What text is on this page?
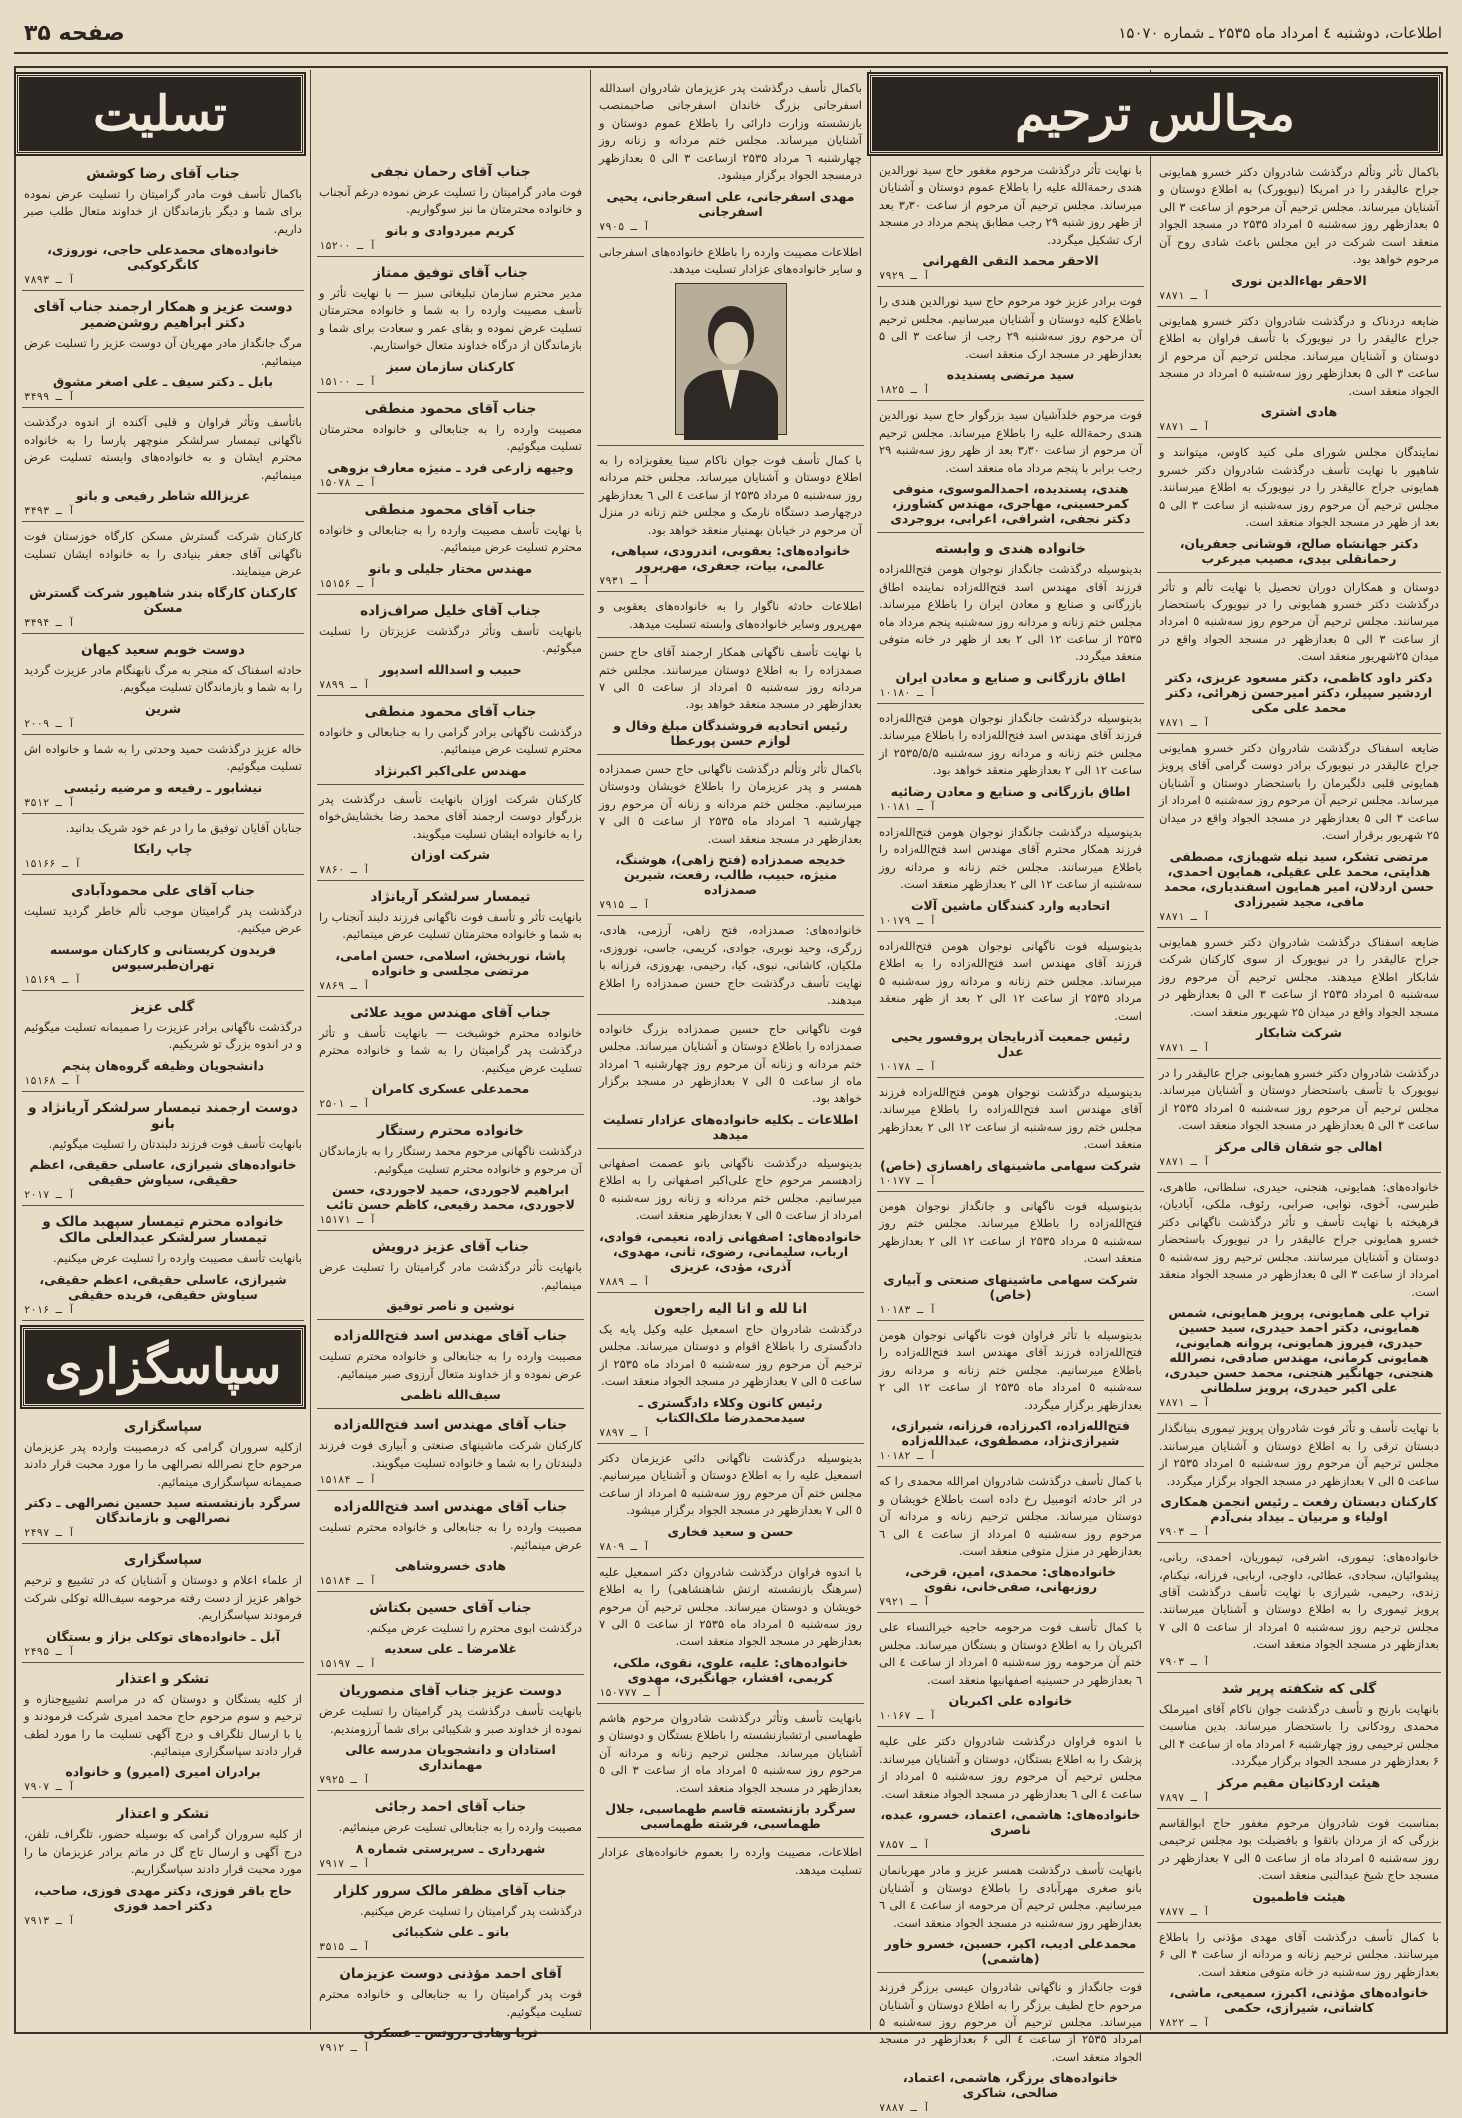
اطلاعات، دوشنبه ٤ امرداد ماه ۲۵۳۵ ـ شماره ۱۵۰۷۰
صفحه ۳۵
مجالس ترحیم
باکمال تأثر وتألم درگذشت شادروان دکتر خسرو همایونی جراح عالیقدر را در امریکا (نیویورک) به اطلاع دوستان و آشنایان میرساند. مجلس ترحیم آن مرحوم از ساعت ۳ الی ۵ بعدازظهر روز سه‌شنبه ٥ امرداد ۲۵۳۵ در مسجد الجواد منعقد است شرکت در این مجلس باعث شادی روح آن مرحوم خواهد بود.
الاحقر بهاءالدین نوری
آ ـ ۷۸۷۱
ضایعه دردناک و درگذشت شادروان دکتر خسرو همایونی جراح عالیقدر را در نیویورک با تأسف فراوان به اطلاع دوستان و آشنایان میرساند. مجلس ترحیم آن مرحوم از ساعت ۳ الی ۵ بعدازظهر روز سه‌شنبه ٥ امرداد در مسجد الجواد منعقد است.
هادی اشتری
آ ـ ۷۸۷۱
نمایندگان مجلس شورای ملی کنید کاوس، میتوانند و شاهپور با نهایت تأسف درگذشت شادروان دکتر خسرو همایونی جراح عالیقدر را در نیویورک به اطلاع میرسانند. مجلس ترحیم آن مرحوم روز سه‌شنبه از ساعت ۳ الی ۵ بعد از ظهر در مسجد الجواد منعقد است.
دکتر جهانشاه صالح، فوشانی جعفریان، رحمانقلی بیدی، مصیب میرعرب
دوستان و همکاران دوران تحصیل با نهایت تألم و تأثر درگذشت دکتر خسرو همایونی را در نیویورک باستحضار میرسانند. مجلس ترحیم آن مرحوم روز سه‌شنبه ٥ امرداد از ساعت ۳ الی ۵ بعدازظهر در مسجد الجواد واقع در میدان ۲۵شهریور منعقد است.
دکتر داود کاظمی، دکتر مسعود عزیزی، دکتر اردشیر سپیلر، دکتر امیرحسن زهرائی، دکتر محمد علی مکی
آ ـ ۷۸۷۱
ضایعه اسفناک درگذشت شادروان دکتر خسرو همایونی جراح عالیقدر در نیویورک برادر دوست گرامی آقای پرویز همایونی قلبی دلگیرمان را باستحضار دوستان و آشنایان میرساند. مجلس ترحیم آن مرحوم روز سه‌شنبه ٥ امرداد از ساعت ۳ الی ۵ بعدازظهر در مسجد الجواد واقع در میدان ۲۵ شهریور برقرار است.
مرتضی تشکر، سید نیله شهبازی، مصطفی هدایتی، محمد علی عقیلی، همایون احمدی، حسن اردلان، امیر همایون اسفندیاری، محمد مافی، مجید شیرزادی
آ ـ ۷۸۷۱
ضایعه اسفناک درگذشت شادروان دکتر خسرو همایونی جراح عالیقدر را در نیویورک از سوی کارکنان شرکت شابکار اطلاع میدهند. مجلس ترحیم آن مرحوم روز سه‌شنبه ٥ امرداد ۲۵۳۵ از ساعت ۳ الی ۵ بعدازظهر در مسجد الجواد واقع در میدان ۲۵ شهریور منعقد است.
شرکت شابکار
آ ـ ۷۸۷۱
درگذشت شادروان دکتر خسرو همایونی جراح عالیقدر را در نیویورک با تأسف باستحضار دوستان و آشنایان میرساند. مجلس ترحیم آن مرحوم روز سه‌شنبه ٥ امرداد ۲۵۳۵ از ساعت ۳ الی ۵ بعدازظهر در مسجد الجواد منعقد است.
اهالی جو شقان قالی مرکز
آ ـ ۷۸۷۱
خانواده‌های: همایونی، هنجنی، حیدری، سلطانی، طاهری، طبرسی، آخوی، نوابی، صرابی، رئوف، ملکی، آبادیان، فرهیخته با نهایت تأسف و تأثر درگذشت ناگهانی دکتر خسرو همایونی جراح عالیقدر را در نیویورک باستحضار دوستان و آشنایان میرسانند. مجلس ترحیم روز سه‌شنبه ٥ امرداد از ساعت ۳ الی ۵ بعدازظهر در مسجد الجواد منعقد است.
تراپ علی همایونی، پرویز همایونی، شمس همایونی، دکتر احمد حیدری، سید حسین حیدری، فیروز همایونی، پروانه همایونی، همایونی کرمانی، مهندس صادقی، نصرالله هنجنی، جهانگیر هنجنی، محمد حسن حیدری، علی اکبر حیدری، پرویز سلطانی
آ ـ ۷۸۷۱
با نهایت تأسف و تأثر فوت شادروان پرویز تیموری بنیانگذار دبستان ترقی را به اطلاع دوستان و آشنایان میرسانند. مجلس ترحیم آن مرحوم روز سه‌شنبه ٥ امرداد ۲۵۳۵ از ساعت ۵ الی ۷ بعدازظهر در مسجد الجواد برگزار میگردد.
کارکنان دبستان رفعت ـ رئیس انجمن همکاری اولیاء و مربیان ـ بیداد بنی‌آدم
آ ـ ۷۹۰۳
خانواده‌های: تیموری، اشرفی، تیموریان، احمدی، ربانی، پیشوائیان، سجادی، عطائی، داوجی، اربابی، فرزانه، نیکنام، زندی، رحیمی، شیرازی با نهایت تأسف درگذشت آقای پرویز تیموری را به اطلاع دوستان و آشنایان میرسانند. مجلس ترحیم روز سه‌شنبه ٥ امرداد از ساعت ۵ الی ۷ بعدازظهر در مسجد الجواد منعقد است.
آ ـ ۷۹۰۳
گلی که شکفته پرپر شد
بانهایت بارنج و تأسف درگذشت جوان ناکام آقای امیرملک محمدی رودکانی را باستحضار میرساند. بدین مناسبت مجلس ترحیمی روز چهارشنبه ۶ امرداد ماه از ساعت ۴ الی ۶ بعدازظهر در مسجد الجواد برگزار میگردد.
هیئت اردکانیان مقیم مرکز
آ ـ ۷۸۹۷
بمناسبت فوت شادروان مرحوم مغفور حاج ابوالقاسم بزرگی که از مردان باتقوا و بافضیلت بود مجلس ترحیمی روز سه‌شنبه ٥ امرداد ماه از ساعت ۵ الی ۷ بعدازظهر در مسجد حاج شیخ عبدالنبی منعقد است.
هیئت فاطمیون
آ ـ ۷۸۷۷
با کمال تأسف درگذشت آقای مهدی مؤذنی را باطلاع میرسانند. مجلس ترحیم زنانه و مردانه از ساعت ۴ الی ۶ بعدازظهر روز سه‌شنبه در خانه متوفی منعقد است.
خانواده‌های مؤذنی، اکبرز، سمیعی، ماشی، کاشانی، شیرازی، حکمی
آ ـ ۷۸۲۲
با نهایت تأثر درگذشت مرحوم مغفور حاج سید نورالدین هندی رحمةالله علیه را باطلاع عموم دوستان و آشنایان میرساند. مجلس ترحیم آن مرحوم از ساعت ۳٫۳۰ بعد از ظهر روز شنبه ۲۹ رجب مطابق پنجم مرداد در مسجد ارک تشکیل میگردد.
الاحقر محمد التقی القهرانی
آ ـ ۷۹۲۹
فوت برادر عزیز خود مرحوم حاج سید نورالدین هندی را باطلاع کلیه دوستان و آشنایان میرسانیم. مجلس ترحیم آن مرحوم روز سه‌شنبه ۲۹ رجب از ساعت ۳ الی ۵ بعدازظهر در مسجد ارک منعقد است.
سید مرتضی پسندیده
آ ـ ۱۸۲۵
فوت مرحوم خلدآشیان سید بزرگوار حاج سید نورالدین هندی رحمةالله علیه را باطلاع میرساند. مجلس ترحیم آن مرحوم از ساعت ۳٫۳۰ بعد از ظهر روز سه‌شنبه ۲۹ رجب برابر با پنجم مرداد ماه منعقد است.
هندی، پسندیده، احمدالموسوی، منوفی کمرحسینی، مهاجری، مهندس کشاورز، دکتر نجفی، اشرافی، اعرابی، بروجردی
خانواده هندی و وابسته
بدینوسیله درگذشت جانگداز نوجوان هومن فتح‌الله‌زاده فرزند آقای مهندس اسد فتح‌الله‌زاده نماینده اطاق بازرگانی و صنایع و معادن ایران را باطلاع میرساند. مجلس ختم زنانه و مردانه روز سه‌شنبه پنجم مرداد ماه ۲۵۳۵ از ساعت ۱۲ الی ۲ بعد از ظهر در خانه متوفی منعقد میگردد.
اطاق بازرگانی و صنایع و معادن ایران
آ ـ ۱۰۱۸۰
بدینوسیله درگذشت جانگداز نوجوان هومن فتح‌الله‌زاده فرزند آقای مهندس اسد فتح‌الله‌زاده را باطلاع میرساند. مجلس ختم زنانه و مردانه روز سه‌شنبه ۲۵۳۵/۵/۵ از ساعت ۱۲ الی ۲ بعدازظهر منعقد خواهد بود.
اطاق بازرگانی و صنایع و معادن رضائیه
آ ـ ۱۰۱۸۱
بدینوسیله درگذشت جانگداز نوجوان هومن فتح‌الله‌زاده فرزند همکار محترم آقای مهندس اسد فتح‌الله‌زاده را باطلاع میرسانند. مجلس ختم زنانه و مردانه روز سه‌شنبه از ساعت ۱۲ الی ۲ بعدازظهر منعقد است.
اتحادیه وارد کنندگان ماشین آلات
آ ـ ۱۰۱۷۹
بدینوسیله فوت ناگهانی نوجوان هومن فتح‌الله‌زاده فرزند آقای مهندس اسد فتح‌الله‌زاده را به اطلاع میرساند. مجلس ختم زنانه و مردانه روز سه‌شنبه ۵ مرداد ۲۵۳۵ از ساعت ۱۲ الی ۲ بعد از ظهر منعقد است.
رئیس جمعیت آذربایجان پروفسور یحیی عدل
آ ـ ۱۰۱۷۸
بدینوسیله درگذشت نوجوان هومن فتح‌الله‌زاده فرزند آقای مهندس اسد فتح‌الله‌زاده را باطلاع میرساند. مجلس ختم روز سه‌شنبه از ساعت ۱۲ الی ۲ بعدازظهر منعقد است.
شرکت سهامی ماشینهای راهسازی (خاص)
آ ـ ۱۰۱۷۷
بدینوسیله فوت ناگهانی و جانگداز نوجوان هومن فتح‌الله‌زاده را باطلاع میرساند. مجلس ختم روز سه‌شنبه ۵ مرداد ۲۵۳۵ از ساعت ۱۲ الی ۲ بعدازظهر منعقد است.
شرکت سهامی ماشینهای صنعتی و آبیاری (خاص)
آ ـ ۱۰۱۸۳
بدینوسیله با تأثر فراوان فوت ناگهانی نوجوان هومن فتح‌الله‌زاده فرزند آقای مهندس اسد فتح‌الله‌زاده را باطلاع میرسانیم. مجلس ختم زنانه و مردانه روز سه‌شنبه ٥ امرداد ماه ۲۵۳۵ از ساعت ۱۲ الی ۲ بعدازظهر برگزار میگردد.
فتح‌الله‌زاده، اکبرزاده، فرزانه، شیرازی، شیرازی‌نژاد، مصطفوی، عبدالله‌زاده
آ ـ ۱۰۱۸۲
با کمال تأسف درگذشت شادروان امرالله محمدی را که در اثر حادثه اتومبیل رخ داده است باطلاع خویشان و دوستان میرساند. مجلس ترحیم زنانه و مردانه آن مرحوم روز سه‌شنبه ٥ امرداد از ساعت ٤ الی ٦ بعدازظهر در منزل متوفی منعقد است.
خانواده‌های: محمدی، امین، قرخی، روزبهانی، صفی‌خانی، نقوی
آ ـ ۷۹۲۱
با کمال تأسف فوت مرحومه حاجیه خیرالنساء علی اکبریان را به اطلاع دوستان و بستگان میرساند. مجلس ختم آن مرحومه روز سه‌شنبه ٥ امرداد از ساعت ٤ الی ٦ بعدازظهر در حسینیه اصفهانیها منعقد است.
خانواده علی اکبریان
آ ـ ۱۰۱۶۷
با اندوه فراوان درگذشت شادروان دکتر علی علیه پزشک را به اطلاع بستگان، دوستان و آشنایان میرساند. مجلس ترحیم آن مرحوم روز سه‌شنبه ٥ امرداد از ساعت ٤ الی ٦ بعدازظهر در مسجد الجواد منعقد است.
خانواده‌های: هاشمی، اعتماد، خسرو، عبده، ناصری
آ ـ ۷۸۵۷
بانهایت تأسف درگذشت همسر عزیز و مادر مهربانمان بانو صغری مهرآبادی را باطلاع دوستان و آشنایان میرسانیم. مجلس ترحیم آن مرحومه از ساعت ٤ الی ٦ بعدازظهر روز سه‌شنبه در مسجد الجواد منعقد است.
محمدعلی ادیب، اکبر، حسین، خسرو خاور (هاشمی)
فوت جانگداز و ناگهانی شادروان عیسی برزگر فرزند مرحوم حاج لطیف برزگر را به اطلاع دوستان و آشنایان میرساند. مجلس ترحیم آن مرحوم روز سه‌شنبه ۵ امرداد ۲۵۳۵ از ساعت ٤ الی ۶ بعدازظهر در مسجد الجواد منعقد است.
خانواده‌های برزگر، هاشمی، اعتماد، صالحی، شاکری
آ ـ ۷۸۸۷
باکمال تأسف درگذشت پدر عزیزمان شادروان اسدالله اسفرجانی بزرگ خاندان اسفرجانی صاحبمنصب بازنشسته وزارت دارائی را باطلاع عموم دوستان و آشنایان میرساند. مجلس ختم مردانه و زنانه روز چهارشنبه ٦ مرداد ۲۵۳۵ ازساعت ۳ الی ٥ بعدازظهر درمسجد الجواد برگزار میشود.
مهدی اسفرجانی، علی اسفرجانی، یحیی اسفرجانی
آ ـ ۷۹۰۵
اطلاعات مصیبت وارده را باطلاع خانواده‌های اسفرجانی و سایر خانواده‌های عزادار تسلیت میدهد.
با کمال تأسف فوت جوان ناکام سینا یعقوبزاده را به اطلاع دوستان و آشنایان میرساند. مجلس ختم مردانه روز سه‌شنبه ٥ مرداد ۲۵۳۵ از ساعت ٤ الی ٦ بعدازظهر درچهارصد دستگاه نارمک و مجلس ختم زنانه در منزل آن مرحوم در خیابان بهمنیار منعقد خواهد بود.
خانواده‌های: یعقوبی، اندرودی، سپاهی، عالمی، بیات، جعفری، مهرپرور
آ ـ ۷۹۳۱
اطلاعات حادثه ناگوار را به خانواده‌های یعقوبی و مهرپرور وسایر خانواده‌های وابسته تسلیت میدهد.
با نهایت تأسف ناگهانی همکار ارجمند آقای حاج حسن صمدزاده را به اطلاع دوستان میرسانند. مجلس ختم مردانه روز سه‌شنبه ٥ امرداد از ساعت ٥ الی ۷ بعدازظهر در مسجد منعقد خواهد بود.
رئیس اتحادیه فروشندگان مبلغ وقال و لوازم حسن پورعطا
باکمال تأثر وتألم درگذشت ناگهانی حاج حسن صمدزاده همسر و پدر عزیزمان را باطلاع خویشان ودوستان میرسانیم. مجلس ختم مردانه و زنانه آن مرحوم روز چهارشنبه ٦ امرداد ماه ۲۵۳۵ از ساعت ٥ الی ۷ بعدازظهر در مسجد منعقد است.
خدیجه صمدزاده (فتح زاهی)، هوشنگ، منیژه، حبیب، طالب، رفعت، شیرین صمدزاده
آ ـ ۷۹۱۵
خانواده‌های: صمدزاده، فتح زاهی، آرزمی، هادی، زرگری، وحید نوبری، جوادی، کریمی، جاسی، نوروزی، ملکیان، کاشانی، نبوی، کیا، رحیمی، بهروزی، فرزانه با نهایت تأسف درگذشت حاج حسن صمدزاده را اطلاع میدهند.
فوت ناگهانی حاج حسین صمدزاده بزرگ خانواده صمدزاده را باطلاع دوستان و آشنایان میرساند. مجلس ختم مردانه و زنانه آن مرحوم روز چهارشنبه ٦ امرداد ماه از ساعت ٥ الی ۷ بعدازظهر در مسجد برگزار خواهد بود.
اطلاعات ـ بکلیه خانواده‌های عزادار تسلیت میدهد
بدینوسیله درگذشت ناگهانی بانو عصمت اصفهانی زادهسمر مرحوم حاج علی‌اکبر اصفهانی را به اطلاع میرسانیم. مجلس ختم مردانه و زنانه روز سه‌شنبه ٥ امرداد از ساعت ٥ الی ۷ بعدازظهر منعقد است.
خانواده‌های: اصفهانی زاده، نعیمی، فوادی، ارباب، سلیمانی، رضوی، ثانی، مهدوی، آذری، مؤدی، عزیزی
آ ـ ۷۸۸۹
انا لله و انا الیه راجعون
درگذشت شادروان حاج اسمعیل علیه وکیل پایه یک دادگستری را باطلاع اقوام و دوستان میرساند. مجلس ترحیم آن مرحوم روز سه‌شنبه ٥ امرداد ماه ۲۵۳۵ از ساعت ٥ الی ۷ بعدازظهر در مسجد الجواد منعقد است.
رئیس کانون وکلاء دادگستری ـ سیدمحمدرضا ملک‌الکتاب
آ ـ ۷۸۹۷
بدینوسیله درگذشت ناگهانی دائی عزیزمان دکتر اسمعیل علیه را به اطلاع دوستان و آشنایان میرسانیم. مجلس ختم آن مرحوم روز سه‌شنبه ۵ امرداد از ساعت ٥ الی ۷ بعدازظهر در مسجد الجواد برگزار میشود.
حسن و سعید فخاری
آ ـ ۷۸۰۹
با اندوه فراوان درگذشت شادروان دکتر اسمعیل علیه (سرهنگ بازنشسته ارتش شاهنشاهی) را به اطلاع خویشان و دوستان میرساند. مجلس ترحیم آن مرحوم روز سه‌شنبه ٥ امرداد ماه ۲۵۳۵ از ساعت ٥ الی ۷ بعدازظهر در مسجد الجواد منعقد است.
خانواده‌های: علیه، علوی، نقوی، ملکی، کریمی، افشار، جهانگیری، مهدوی
آ ـ ۱۵۰۷۷۷
بانهایت تأسف وتأثر درگذشت شادروان مرحوم هاشم طهماسبی ارتشبازنشسته را باطلاع بستگان و دوستان و آشنایان میرساند. مجلس ترحیم زنانه و مردانه آن مرحوم روز سه‌شنبه ٥ امرداد ماه از ساعت ۳ الی ٥ بعدازظهر در مسجد الجواد منعقد است.
سرگرد بازنشسته قاسم طهماسبی، جلال طهماسبی، فرشته طهماسبی
اطلاعات، مصیبت وارده را بعموم خانواده‌های عزادار تسلیت میدهد.
جناب آقای رحمان نجفی
فوت مادر گرامیتان را تسلیت عرض نموده درغم آنجناب و خانواده محترمتان ما نیز سوگواریم.
کریم میردوادی و بانو
آ ـ ۱۵۲۰۰
جناب آقای توفیق ممتاز
مدیر محترم سازمان تبلیغاتی سبز — با نهایت تأثر و تأسف مصیبت وارده را به شما و خانواده محترمتان تسلیت عرض نموده و بقای عمر و سعادت برای شما و بازماندگان از درگاه خداوند متعال خواستاریم.
کارکنان سازمان سبز
آ ـ ۱۵۱۰۰
جناب آقای محمود منطقی
مصیبت وارده را به جنابعالی و خانواده محترمتان تسلیت میگوئیم.
وجیهه زارعی فرد ـ منیژه معارف بزوهی
آ ـ ۱۵۰۷۸
جناب آقای محمود منطقی
با نهایت تأسف مصیبت وارده را به جنابعالی و خانواده محترم تسلیت عرض مینمائیم.
مهندس مختار جلیلی و بانو
آ ـ ۱۵۱۵۶
جناب آقای خلیل صراف‌زاده
بانهایت تأسف وتأثر درگذشت عزیزتان را تسلیت میگوئیم.
حبیب و اسدالله اسدپور
آ ـ ۷۸۹۹
جناب آقای محمود منطقی
درگذشت ناگهانی برادر گرامی را به جنابعالی و خانواده محترم تسلیت عرض مینمائیم.
مهندس علی‌اکبر اکبرنژاد
کارکنان شرکت اوزان بانهایت تأسف درگذشت پدر بزرگوار دوست ارجمند آقای محمد رضا بخشایش‌خواه را به خانواده ایشان تسلیت میگویند.
شرکت اوزان
آ ـ ۷۸۶۰
تیمسار سرلشکر آریانژاد
بانهایت تأثر و تأسف فوت ناگهانی فرزند دلبند آنجناب را به شما و خانواده محترمتان تسلیت عرض مینمائیم.
پاشا، نوربخش، اسلامی، حسن امامی، مرتضی مجلسی و خانواده
آ ـ ۷۸۶۹
جناب آقای مهندس موید علائی
خانواده محترم خوشبخت — بانهایت تأسف و تأثر درگذشت پدر گرامیتان را به شما و خانواده محترم تسلیت عرض میکنیم.
محمدعلی عسکری کامران
آ ـ ۲۵۰۱
خانواده محترم رستگار
درگذشت ناگهانی مرحوم محمد رستگار را به بازماندگان آن مرحوم و خانواده محترم تسلیت میگوئیم.
ابراهیم لاجوردی، حمید لاجوردی، حسن لاجوردی، محمد رفیعی، کاظم حسن تائب
آ ـ ۱۵۱۷۱
جناب آقای عزیز درویش
بانهایت تأثر درگذشت مادر گرامیتان را تسلیت عرض مینمائیم.
نوشین و ناصر توفیق
جناب آقای مهندس اسد فتح‌الله‌زاده
مصیبت وارده را به جنابعالی و خانواده محترم تسلیت عرض نموده و از خداوند متعال آرزوی صبر مینمائیم.
سیف‌الله ناظمی
جناب آقای مهندس اسد فتح‌الله‌زاده
کارکنان شرکت ماشینهای صنعتی و آبیاری فوت فرزند دلبندتان را به شما و خانواده تسلیت میگویند.
آ ـ ۱۵۱۸۴
جناب آقای مهندس اسد فتح‌الله‌زاده
مصیبت وارده را به جنابعالی و خانواده محترم تسلیت عرض مینمائیم.
هادی خسروشاهی
آ ـ ۱۵۱۸۴
جناب آقای حسین بکتاش
درگذشت ابوی محترم را تسلیت عرض میکنم.
غلامرضا ـ علی سعدیه
آ ـ ۱۵۱۹۷
دوست عزیز جناب آقای منصوریان
بانهایت تأسف درگذشت پدر گرامیتان را تسلیت عرض نموده از خداوند صبر و شکیبائی برای شما آرزومندیم.
استادان و دانشجویان مدرسه عالی مهمانداری
آ ـ ۷۹۲۵
جناب آقای احمد رجائی
مصیبت وارده را به جنابعالی تسلیت عرض مینمائیم.
شهرداری ـ سرپرستی شماره ۸
آ ـ ۷۹۱۷
جناب آقای مظفر مالک سرور کلزار
درگذشت پدر گرامیتان را تسلیت عرض میکنیم.
بانو ـ علی شکیبائی
آ ـ ۳۵۱۵
آقای احمد مؤذنی دوست عزیزمان
فوت پدر گرامیتان را به جنابعالی و خانواده محترم تسلیت میگوئیم.
ثریا وهادی دروتس ـ عسکری
آ ـ ۷۹۱۲
تسلیت
جناب آقای رضا کوشش
باکمال تأسف فوت مادر گرامیتان را تسلیت عرض نموده برای شما و دیگر بازماندگان از خداوند متعال طلب صبر داریم.
خانواده‌های محمدعلی حاجی، نوروزی، کانگرکوکبی
آ ـ ۷۸۹۳
دوست عزیز و همکار ارجمند جناب آقای دکتر ابراهیم روشن‌ضمیر
مرگ جانگداز مادر مهربان آن دوست عزیز را تسلیت عرض مینمائیم.
بابل ـ دکتر سیف ـ علی اصغر مشوق
آ ـ ۳۴۹۹
باتأسف وتأثر فراوان و قلبی آکنده از اندوه درگذشت ناگهانی تیمسار سرلشکر منوچهر پارسا را به خانواده محترم ایشان و به خانواده‌های وابسته تسلیت عرض مینمائیم.
عزیزالله شاطر رفیعی و بانو
آ ـ ۳۴۹۳
کارکنان شرکت گسترش مسکن کارگاه خوزستان فوت ناگهانی آقای جعفر بنیادی را به خانواده ایشان تسلیت عرض مینمایند.
کارکنان کارگاه بندر شاهپور شرکت گسترش مسکن
آ ـ ۳۴۹۴
دوست خوبم سعید کیهان
حادثه اسفناک که منجر به مرگ نابهنگام مادر عزیزت گردید را به شما و بازماندگان تسلیت میگویم.
شرین
آ ـ ۲۰۰۹
خاله عزیز درگذشت حمید وحدتی را به شما و خانواده اش تسلیت میگوئیم.
نیشابور ـ رفیعه و مرضیه رئیسی
آ ـ ۳۵۱۲
جنابان آقایان توفیق ما را در غم خود شریک بدانید.
چاپ رایکا
آ ـ ۱۵۱۶۶
جناب آقای علی محمودآبادی
درگذشت پدر گرامیتان موجب تألم خاطر گردید تسلیت عرض میکنیم.
فریدون کریستانی و کارکنان موسسه تهران‌طبرسیوس
آ ـ ۱۵۱۶۹
گلی عزیز
درگذشت ناگهانی برادر عزیزت را صمیمانه تسلیت میگوئیم و در اندوه بزرگ تو شریکیم.
دانشجویان وظیفه گروه‌هان پنجم
آ ـ ۱۵۱۶۸
دوست ارجمند تیمسار سرلشکر آریانژاد و بانو
بانهایت تأسف فوت فرزند دلبندتان را تسلیت میگوئیم.
خانواده‌های شیرازی، عاسلی حقیقی، اعظم حقیقی، سیاوش حقیقی
آ ـ ۲۰۱۷
خانواده محترم تیمسار سپهبد مالک و تیمسار سرلشکر عبدالعلی مالک
بانهایت تأسف مصیبت وارده را تسلیت عرض میکنیم.
شیرازی، عاسلی حقیقی، اعظم حقیقی، سیاوش حقیقی، فریده حقیقی
آ ـ ۲۰۱۶
سپاسگزاری
سپاسگزاری
ازکلیه سروران گرامی که درمصیبت وارده پدر عزیزمان مرحوم حاج نصرالله نصرالهی ما را مورد محبت قرار دادند صمیمانه سپاسگزاری مینمائیم.
سرگرد بازنشسته سید حسین نصرالهی ـ دکتر نصرالهی و بازماندگان
آ ـ ۲۴۹۷
سپاسگزاری
از علماء اعلام و دوستان و آشنایان که در تشییع و ترحیم خواهر عزیز از دست رفته مرحومه سیف‌الله توکلی شرکت فرمودند سپاسگزاریم.
آبل ـ خانواده‌های توکلی بزاز و بستگان
آ ـ ۲۴۹۵
تشکر و اعتذار
از کلیه بستگان و دوستان که در مراسم تشییع‌جنازه و ترحیم و سوم مرحوم حاج محمد امیری شرکت فرمودند و یا با ارسال تلگراف و درج آگهی تسلیت ما را مورد لطف قرار دادند سپاسگزاری مینمائیم.
برادران امیری (امیرو) و خانواده
آ ـ ۷۹۰۷
تشکر و اعتذار
از کلیه سروران گرامی که بوسیله حضور، تلگراف، تلفن، درج آگهی و ارسال تاج گل در ماتم برادر عزیزمان ما را مورد محبت قرار دادند سپاسگزاریم.
حاج باقر فوزی، دکتر مهدی فوزی، صاحب، دکتر احمد فوزی
آ ـ ۷۹۱۳
